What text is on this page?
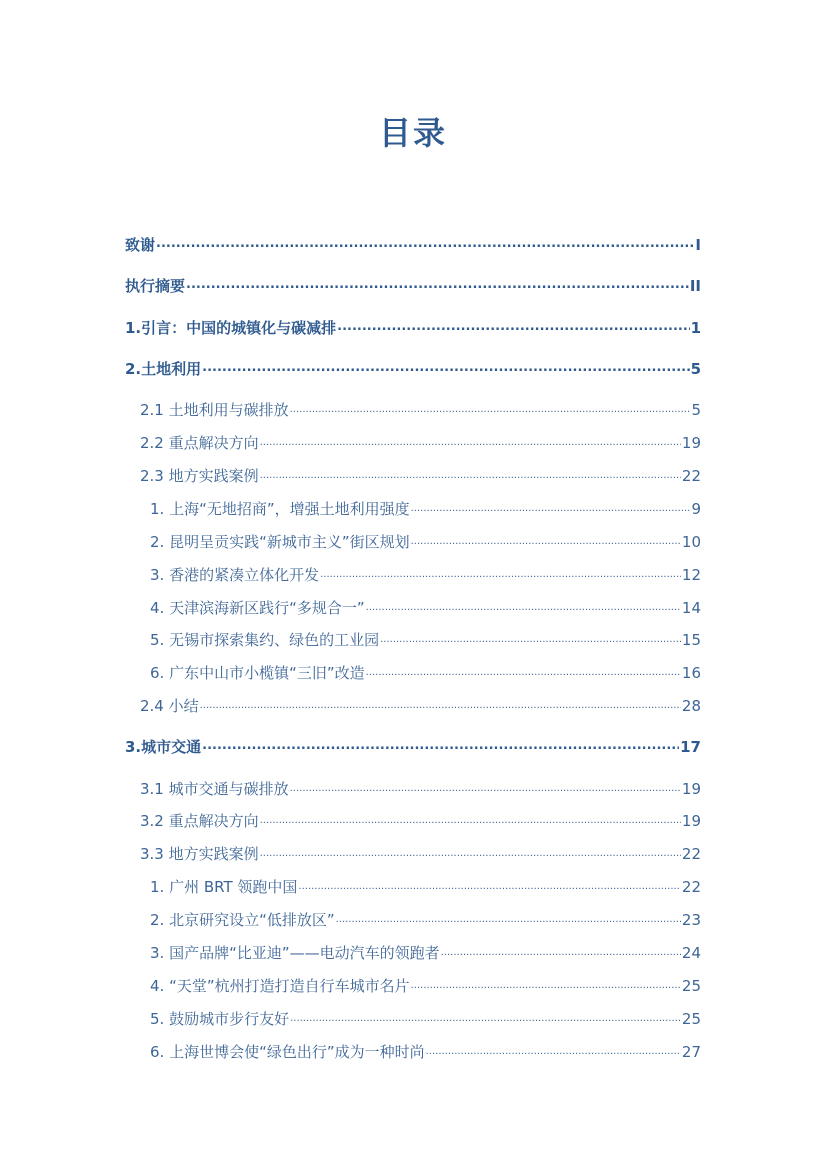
目录
致谢 .....	I
执行摘要 .....	II
1.引言：中国的城镇化与碳减排 .....	1
2.土地利用 .....	5
2.1 土地利用与碳排放 .....	5
2.2 重点解决方向 .....	19
2.3 地方实践案例 .....	22
1. 上海“无地招商”，增强土地利用强度 .....	9
2. 昆明呈贡实践“新城市主义”街区规划 .....	10
3. 香港的紧凑立体化开发 .....	12
4. 天津滨海新区践行“多规合一” .....	14
5. 无锡市探索集约、绿色的工业园 .....	15
6. 广东中山市小榄镇“三旧”改造 .....	16
2.4 小结 .....	28
3.城市交通 .....	17
3.1 城市交通与碳排放 .....	19
3.2 重点解决方向 .....	19
3.3 地方实践案例 .....	22
1. 广州 BRT 领跑中国 .....	22
2. 北京研究设立“低排放区” .....	23
3. 国产品牌“比亚迪”——电动汽车的领跑者 .....	24
4. “天堂”杭州打造打造自行车城市名片 .....	25
5. 鼓励城市步行友好 .....	25
6. 上海世博会使“绿色出行”成为一种时尚 .....	27
